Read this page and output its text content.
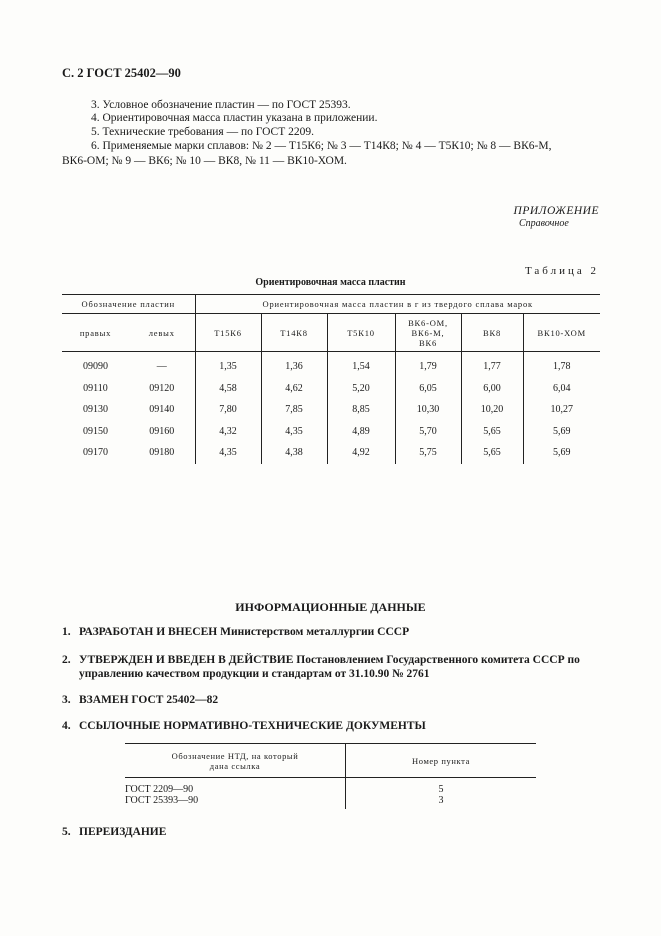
С. 2 ГОСТ 25402—90
3. Условное обозначение пластин — по ГОСТ 25393.
4. Ориентировочная масса пластин указана в приложении.
5. Технические требования — по ГОСТ 2209.
6. Применяемые марки сплавов: № 2 — Т15К6; № 3 — Т14К8; № 4 — Т5К10; № 8 — ВК6-М,
ВК6-ОМ; № 9 — ВК6; № 10 — ВК8, № 11 — ВК10-ХОМ.
ПРИЛОЖЕНИЕ
Справочное
Таблица 2
Ориентировочная масса пластин
Обозначение пластин		Ориентировочная масса пластин в г из твердого сплава марок					
правых	левых	Т15К6	Т14К8	Т5К10	ВК6-ОМ,
ВК6-М,
ВК6	ВК8	ВК10-ХОМ
09090	—	1,35	1,36	1,54	1,79	1,77	1,78
09110	09120	4,58	4,62	5,20	6,05	6,00	6,04
09130	09140	7,80	7,85	8,85	10,30	10,20	10,27
09150	09160	4,32	4,35	4,89	5,70	5,65	5,69
09170	09180	4,35	4,38	4,92	5,75	5,65	5,69
ИНФОРМАЦИОННЫЕ ДАННЫЕ
1. РАЗРАБОТАН И ВНЕСЕН Министерством металлургии СССР
2. УТВЕРЖДЕН И ВВЕДЕН В ДЕЙСТВИЕ Постановлением Государственного комитета СССР по
управлению качеством продукции и стандартам от 31.10.90 № 2761
3. ВЗАМЕН ГОСТ 25402—82
4. ССЫЛОЧНЫЕ НОРМАТИВНО-ТЕХНИЧЕСКИЕ ДОКУМЕНТЫ
Обозначение НТД, на который
дана ссылка	Номер пункта
ГОСТ 2209—90	5
ГОСТ 25393—90	3
5. ПЕРЕИЗДАНИЕ
